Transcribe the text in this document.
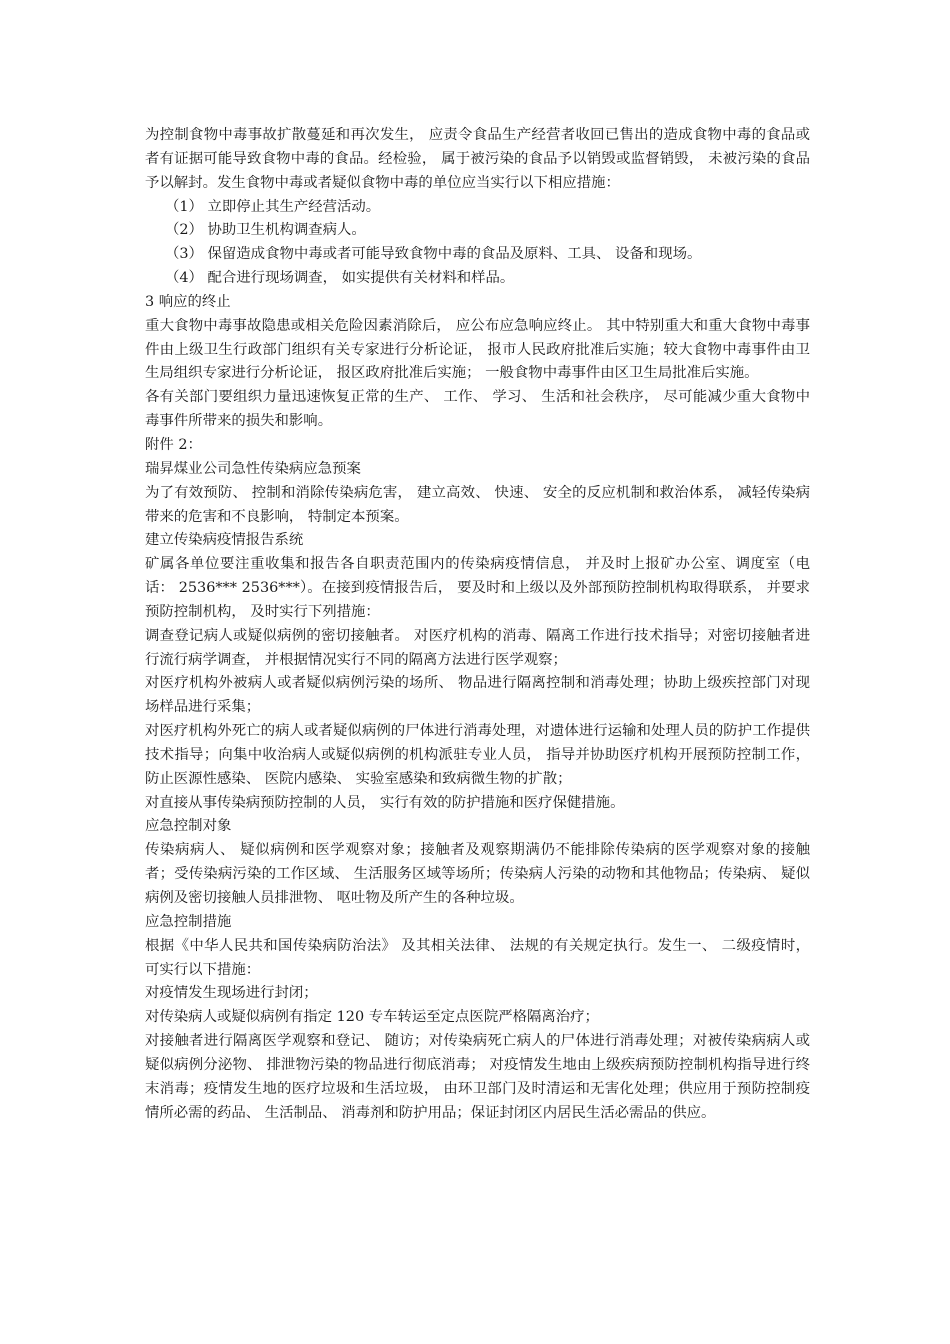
为控制食物中毒事故扩散蔓延和再次发生， 应责令食品生产经营者收回已售出的造成食物中毒的食品或者有证据可能导致食物中毒的食品。经检验， 属于被污染的食品予以销毁或监督销毁， 未被污染的食品予以解封。发生食物中毒或者疑似食物中毒的单位应当实行以下相应措施：

（1） 立即停止其生产经营活动。

（2） 协助卫生机构调查病人。

（3） 保留造成食物中毒或者可能导致食物中毒的食品及原料、工具、 设备和现场。

（4） 配合进行现场调查， 如实提供有关材料和样品。

3 响应的终止

重大食物中毒事故隐患或相关危险因素消除后， 应公布应急响应终止。 其中特别重大和重大食物中毒事件由上级卫生行政部门组织有关专家进行分析论证， 报市人民政府批准后实施；较大食物中毒事件由卫生局组织专家进行分析论证， 报区政府批准后实施； 一般食物中毒事件由区卫生局批准后实施。

各有关部门要组织力量迅速恢复正常的生产、 工作、 学习、 生活和社会秩序， 尽可能减少重大食物中毒事件所带来的损失和影响。

附件 2：

瑞昇煤业公司急性传染病应急预案

为了有效预防、 控制和消除传染病危害， 建立高效、 快速、 安全的反应机制和救治体系， 减轻传染病带来的危害和不良影响， 特制定本预案。

建立传染病疫情报告系统

矿属各单位要注重收集和报告各自职责范围内的传染病疫情信息， 并及时上报矿办公室、调度室（电话： 2536*** 2536***）。在接到疫情报告后， 要及时和上级以及外部预防控制机构取得联系， 并要求预防控制机构， 及时实行下列措施：

调查登记病人或疑似病例的密切接触者。 对医疗机构的消毒、隔离工作进行技术指导；对密切接触者进行流行病学调查， 并根据情况实行不同的隔离方法进行医学观察；

对医疗机构外被病人或者疑似病例污染的场所、 物品进行隔离控制和消毒处理；协助上级疾控部门对现场样品进行采集；

对医疗机构外死亡的病人或者疑似病例的尸体进行消毒处理，对遗体进行运输和处理人员的防护工作提供技术指导；向集中收治病人或疑似病例的机构派驻专业人员， 指导并协助医疗机构开展预防控制工作， 防止医源性感染、 医院内感染、 实验室感染和致病微生物的扩散；

对直接从事传染病预防控制的人员， 实行有效的防护措施和医疗保健措施。

应急控制对象

传染病病人、 疑似病例和医学观察对象；接触者及观察期满仍不能排除传染病的医学观察对象的接触者；受传染病污染的工作区域、 生活服务区域等场所；传染病人污染的动物和其他物品；传染病、 疑似病例及密切接触人员排泄物、 呕吐物及所产生的各种垃圾。

应急控制措施

根据《中华人民共和国传染病防治法》 及其相关法律、 法规的有关规定执行。发生一、 二级疫情时， 可实行以下措施：

对疫情发生现场进行封闭；

对传染病人或疑似病例有指定 120 专车转运至定点医院严格隔离治疗；

对接触者进行隔离医学观察和登记、 随访；对传染病死亡病人的尸体进行消毒处理；对被传染病病人或疑似病例分泌物、 排泄物污染的物品进行彻底消毒； 对疫情发生地由上级疾病预防控制机构指导进行终末消毒；疫情发生地的医疗垃圾和生活垃圾， 由环卫部门及时清运和无害化处理；供应用于预防控制疫情所必需的药品、 生活制品、 消毒剂和防护用品；保证封闭区内居民生活必需品的供应。
